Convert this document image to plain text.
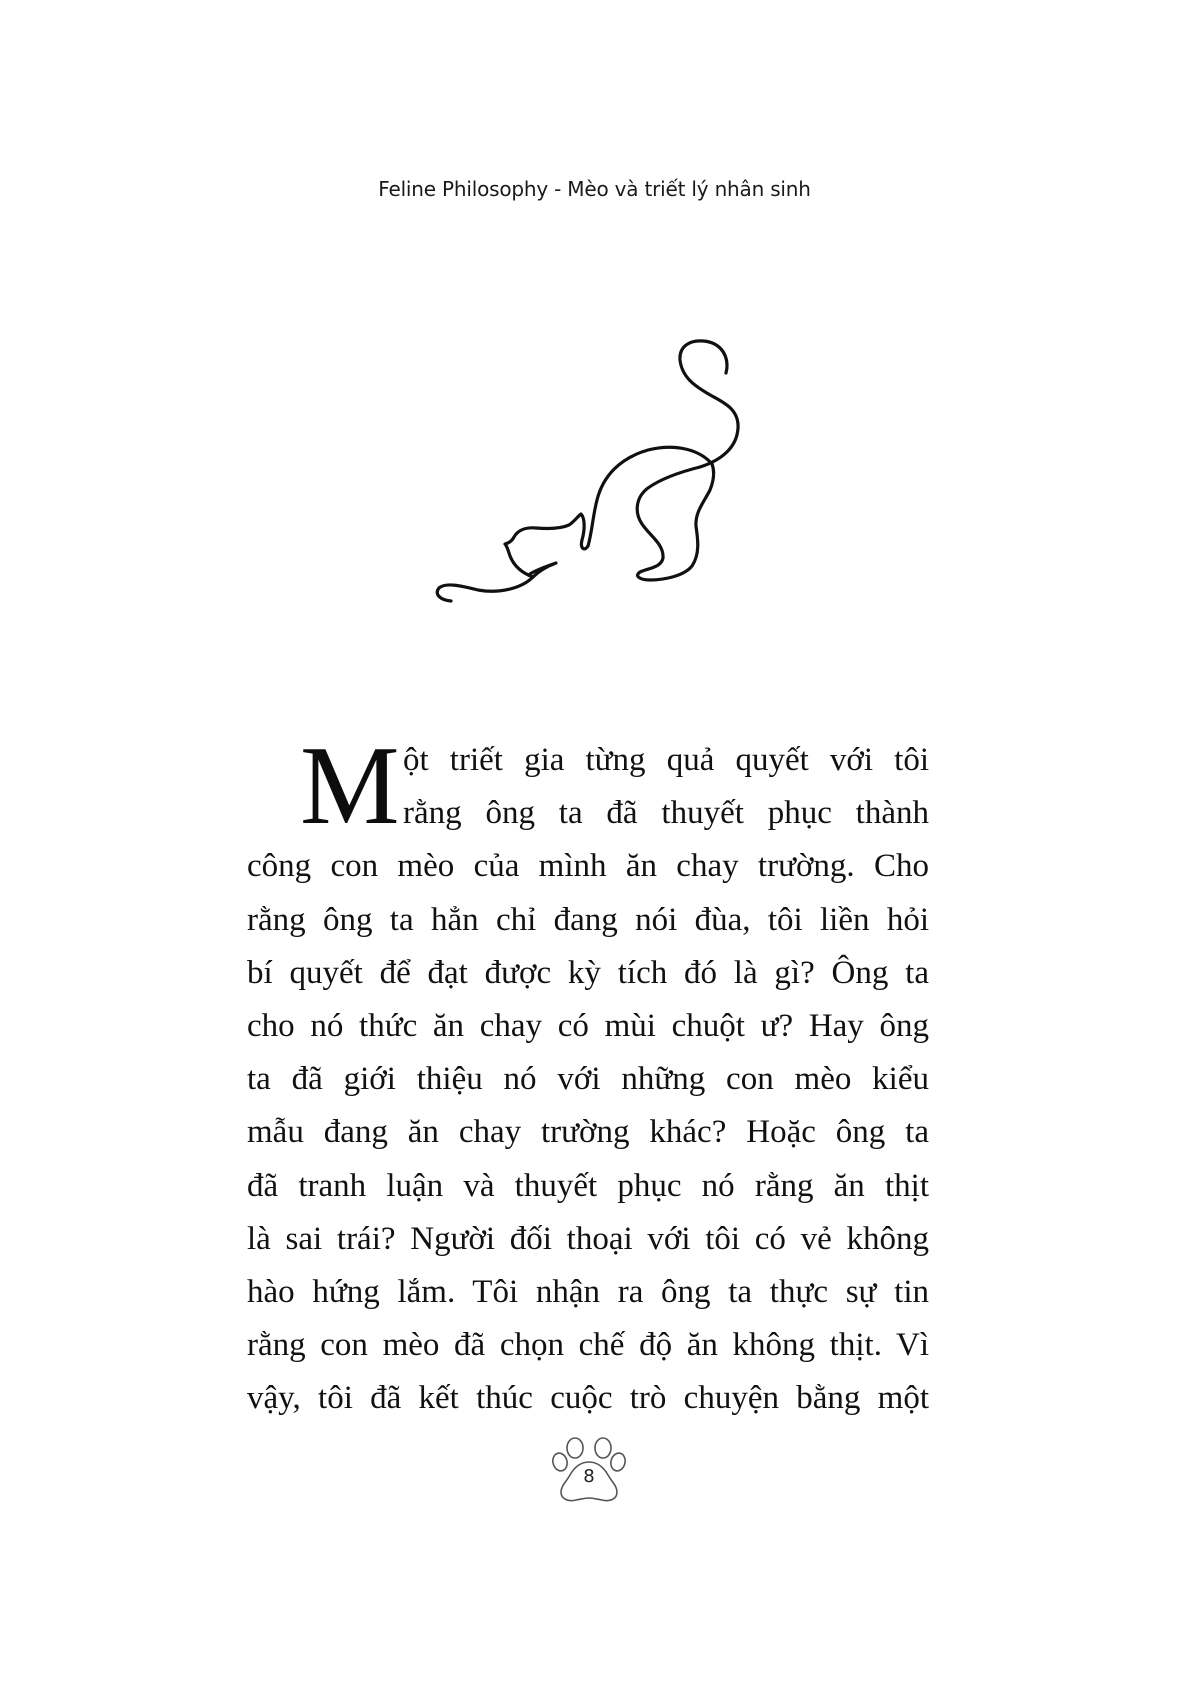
Feline Philosophy - Mèo và triết lý nhân sinh
M ột triết gia từng quả quyết với tôi
rằng ông ta đã thuyết phục thành
công con mèo của mình ăn chay trường. Cho
rằng ông ta hẳn chỉ đang nói đùa, tôi liền hỏi
bí quyết để đạt được kỳ tích đó là gì? Ông ta
cho nó thức ăn chay có mùi chuột ư? Hay ông
ta đã giới thiệu nó với những con mèo kiểu
mẫu đang ăn chay trường khác? Hoặc ông ta
đã tranh luận và thuyết phục nó rằng ăn thịt
là sai trái? Người đối thoại với tôi có vẻ không
hào hứng lắm. Tôi nhận ra ông ta thực sự tin
rằng con mèo đã chọn chế độ ăn không thịt. Vì
vậy, tôi đã kết thúc cuộc trò chuyện bằng một
8
